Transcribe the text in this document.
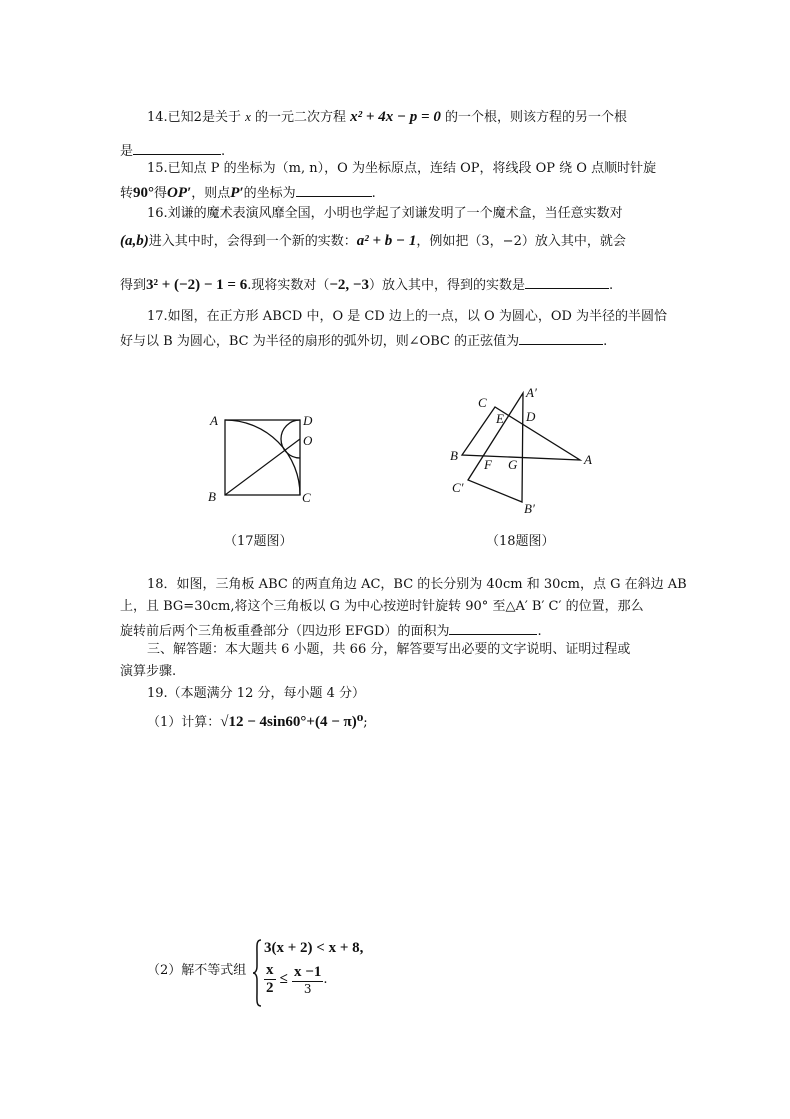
14.已知2是关于 x 的一元二次方程 x² + 4x − p = 0 的一个根，则该方程的另一个根
是	.
15.已知点 P 的坐标为（m, n），O 为坐标原点，连结 OP，将线段 OP 绕 O 点顺时针旋
转90°得OP′，则点P′的坐标为	.
16.刘谦的魔术表演风靡全国，小明也学起了刘谦发明了一个魔术盒，当任意实数对
(a,b)进入其中时，会得到一个新的实数：a² + b − 1，例如把（3，−2）放入其中，就会
得到3² + (−2) − 1 = 6.现将实数对（−2, −3）放入其中，得到的实数是	.
17.如图，在正方形 ABCD 中，O 是 CD 边上的一点，以 O 为圆心，OD 为半径的半圆恰
好与以 B 为圆心，BC 为半径的扇形的弧外切，则∠OBC 的正弦值为	.
A	D
O
B	C
（17题图）
A′
C
E D
B
F G	A
C′
B′
（18题图）
18．如图，三角板 ABC 的两直角边 AC，BC 的长分别为 40cm 和 30cm，点 G 在斜边 AB
上，且 BG=30cm,将这个三角板以 G 为中心按逆时针旋转 90° 至△A′ B′ C′ 的位置，那么
旋转前后两个三角板重叠部分（四边形 EFGD）的面积为	.
三、解答题：本大题共 6 小题，共 66 分，解答要写出必要的文字说明、证明过程或
演算步骤.
19.（本题满分 12 分，每小题 4 分）
（1）计算：√12 − 4sin60°+(4 − π)⁰;
（2）解不等式组
3(x + 2) < x + 8,
$\frac{x}{2} \le \frac{x -1}{3}$ .
